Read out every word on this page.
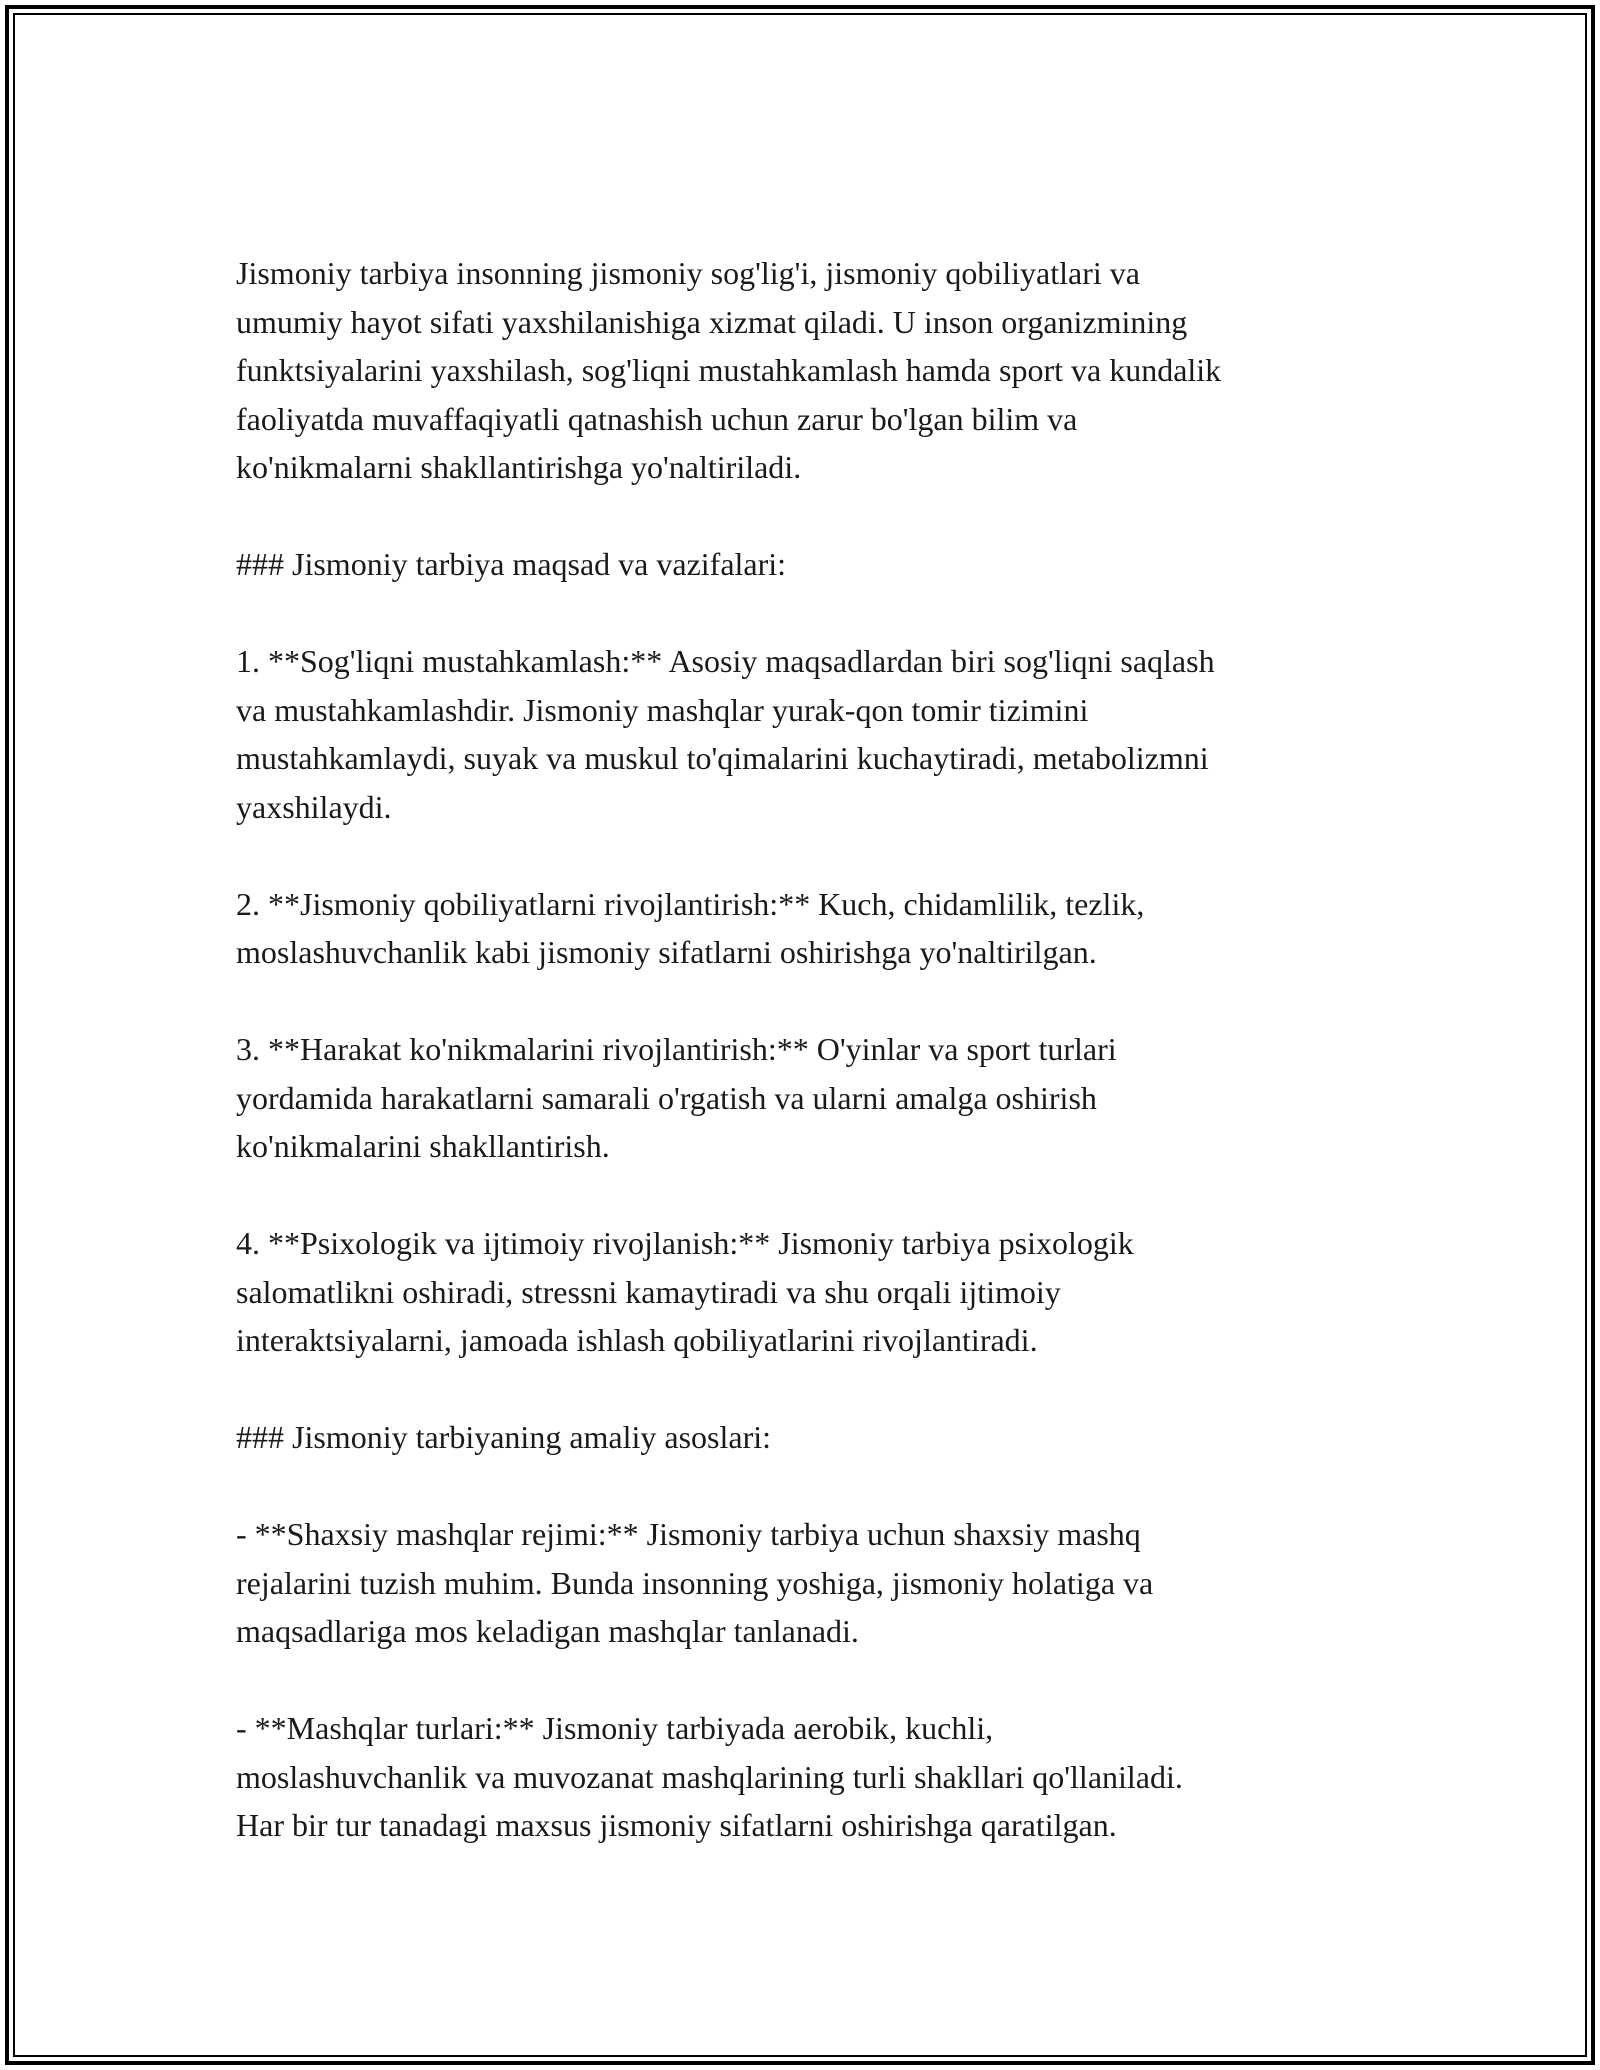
Jismoniy tarbiya insonning jismoniy sog'lig'i, jismoniy qobiliyatlari va
umumiy hayot sifati yaxshilanishiga xizmat qiladi. U inson organizmining
funktsiyalarini yaxshilash, sog'liqni mustahkamlash hamda sport va kundalik
faoliyatda muvaffaqiyatli qatnashish uchun zarur bo'lgan bilim va
ko'nikmalarni shakllantirishga yo'naltiriladi.

### Jismoniy tarbiya maqsad va vazifalari:

1. **Sog'liqni mustahkamlash:** Asosiy maqsadlardan biri sog'liqni saqlash
va mustahkamlashdir. Jismoniy mashqlar yurak-qon tomir tizimini
mustahkamlaydi, suyak va muskul to'qimalarini kuchaytiradi, metabolizmni
yaxshilaydi.

2. **Jismoniy qobiliyatlarni rivojlantirish:** Kuch, chidamlilik, tezlik,
moslashuvchanlik kabi jismoniy sifatlarni oshirishga yo'naltirilgan.

3. **Harakat ko'nikmalarini rivojlantirish:** O'yinlar va sport turlari
yordamida harakatlarni samarali o'rgatish va ularni amalga oshirish
ko'nikmalarini shakllantirish.

4. **Psixologik va ijtimoiy rivojlanish:** Jismoniy tarbiya psixologik
salomatlikni oshiradi, stressni kamaytiradi va shu orqali ijtimoiy
interaktsiyalarni, jamoada ishlash qobiliyatlarini rivojlantiradi.

### Jismoniy tarbiyaning amaliy asoslari:

- **Shaxsiy mashqlar rejimi:** Jismoniy tarbiya uchun shaxsiy mashq
rejalarini tuzish muhim. Bunda insonning yoshiga, jismoniy holatiga va
maqsadlariga mos keladigan mashqlar tanlanadi.

- **Mashqlar turlari:** Jismoniy tarbiyada aerobik, kuchli,
moslashuvchanlik va muvozanat mashqlarining turli shakllari qo'llaniladi.
Har bir tur tanadagi maxsus jismoniy sifatlarni oshirishga qaratilgan.
